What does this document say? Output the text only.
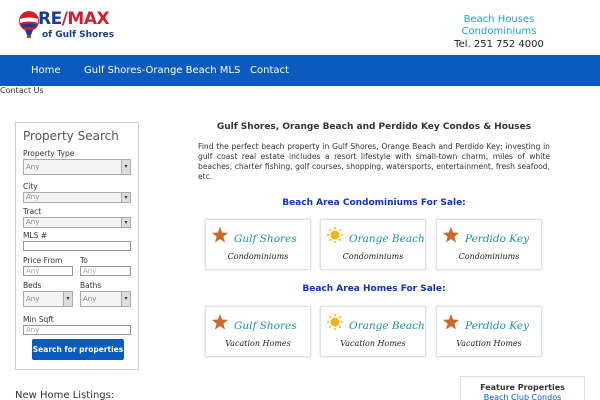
RE/MAX
of Gulf Shores
Beach Houses
Condominiums
Tel. 251 752 4000
Home Gulf Shores-Orange Beach MLS Contact
Contact Us
Property Search
Property Type
Any	▾
City
Any	▾
Tract
Any	▾
MLS #
Price From To
Any	Any
Beds	Baths
Any	▾	Any	▾
Min Sqft
Any
Search for properties
New Home Listings:
Gulf Shores, Orange Beach and Perdido Key Condos & Houses
Find the perfect beach property in Gulf Shores, Orange Beach and Perdido Key; investing in gulf coast real estate includes a resort lifestyle with small-town charm, miles of white beaches, charter fishing, golf courses, shopping, watersports, entertainment, fresh seafood, etc.
Beach Area Condominiums For Sale:
Gulf Shores
Condominiums
Orange Beach
Condominiums
Perdido Key
Condominiums
Beach Area Homes For Sale:
Gulf Shores
Vacation Homes
Orange Beach
Vacation Homes
Perdido Key
Vacation Homes
Feature Properties
Beach Club Condos
